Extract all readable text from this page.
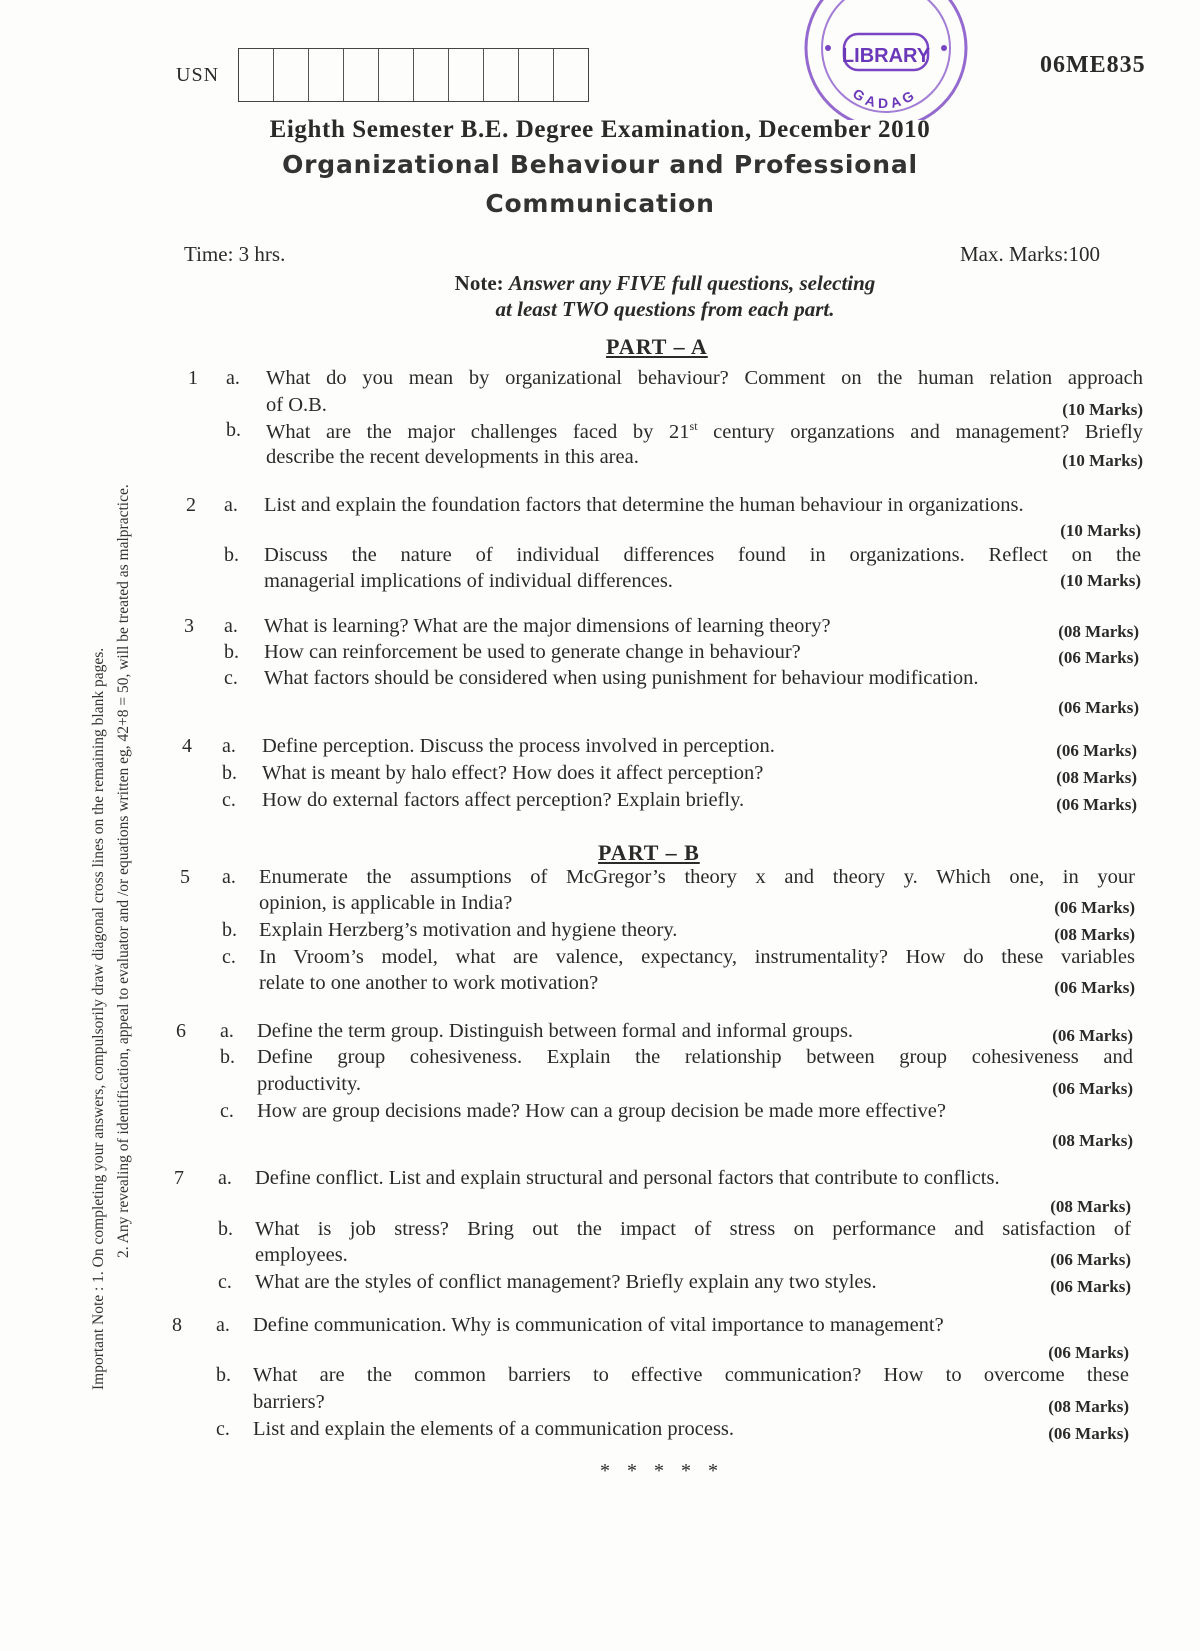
Important Note : 1. On completing your answers, compulsorily draw diagonal cross lines on the remaining blank pages. 2. Any revealing of identification, appeal to evaluator and /or equations written eg, 42+8 = 50, will be treated as malpractice.
USN	06ME835
LIBRARY
GADAG
Eighth Semester B.E. Degree Examination, December 2010
Organizational Behaviour and Professional
Communication
Time: 3 hrs.	Max. Marks:100
Note: Answer any FIVE full questions, selecting
at least TWO questions from each part.
PART – A
PART – B
1 a. What do you mean by organizational behaviour? Comment on the human relation approach
of O.B.	(10 Marks)
b. What are the major challenges faced by 21st century organzations and management? Briefly
describe the recent developments in this area.	(10 Marks)
2 a. List and explain the foundation factors that determine the human behaviour in organizations.
(10 Marks)
b. Discuss the nature of individual differences found in organizations. Reflect on the
managerial implications of individual differences.	(10 Marks)
3 a. What is learning? What are the major dimensions of learning theory?	(08 Marks)
b. How can reinforcement be used to generate change in behaviour?	(06 Marks)
c. What factors should be considered when using punishment for behaviour modification.
(06 Marks)
4 a. Define perception. Discuss the process involved in perception.	(06 Marks)
b. What is meant by halo effect? How does it affect perception?	(08 Marks)
c. How do external factors affect perception? Explain briefly.	(06 Marks)
5 a. Enumerate the assumptions of McGregor’s theory x and theory y. Which one, in your
opinion, is applicable in India?	(06 Marks)
b. Explain Herzberg’s motivation and hygiene theory.	(08 Marks)
c. In Vroom’s model, what are valence, expectancy, instrumentality? How do these variables
relate to one another to work motivation?	(06 Marks)
6 a. Define the term group. Distinguish between formal and informal groups.	(06 Marks)
b. Define group cohesiveness. Explain the relationship between group cohesiveness and
productivity.	(06 Marks)
c. How are group decisions made? How can a group decision be made more effective?
(08 Marks)
7 a. Define conflict. List and explain structural and personal factors that contribute to conflicts.
(08 Marks)
b. What is job stress? Bring out the impact of stress on performance and satisfaction of
employees.	(06 Marks)
c. What are the styles of conflict management? Briefly explain any two styles.	(06 Marks)
8 a. Define communication. Why is communication of vital importance to management?
(06 Marks)
b. What are the common barriers to effective communication? How to overcome these
barriers?	(08 Marks)
c. List and explain the elements of a communication process.	(06 Marks)
* * * * *
